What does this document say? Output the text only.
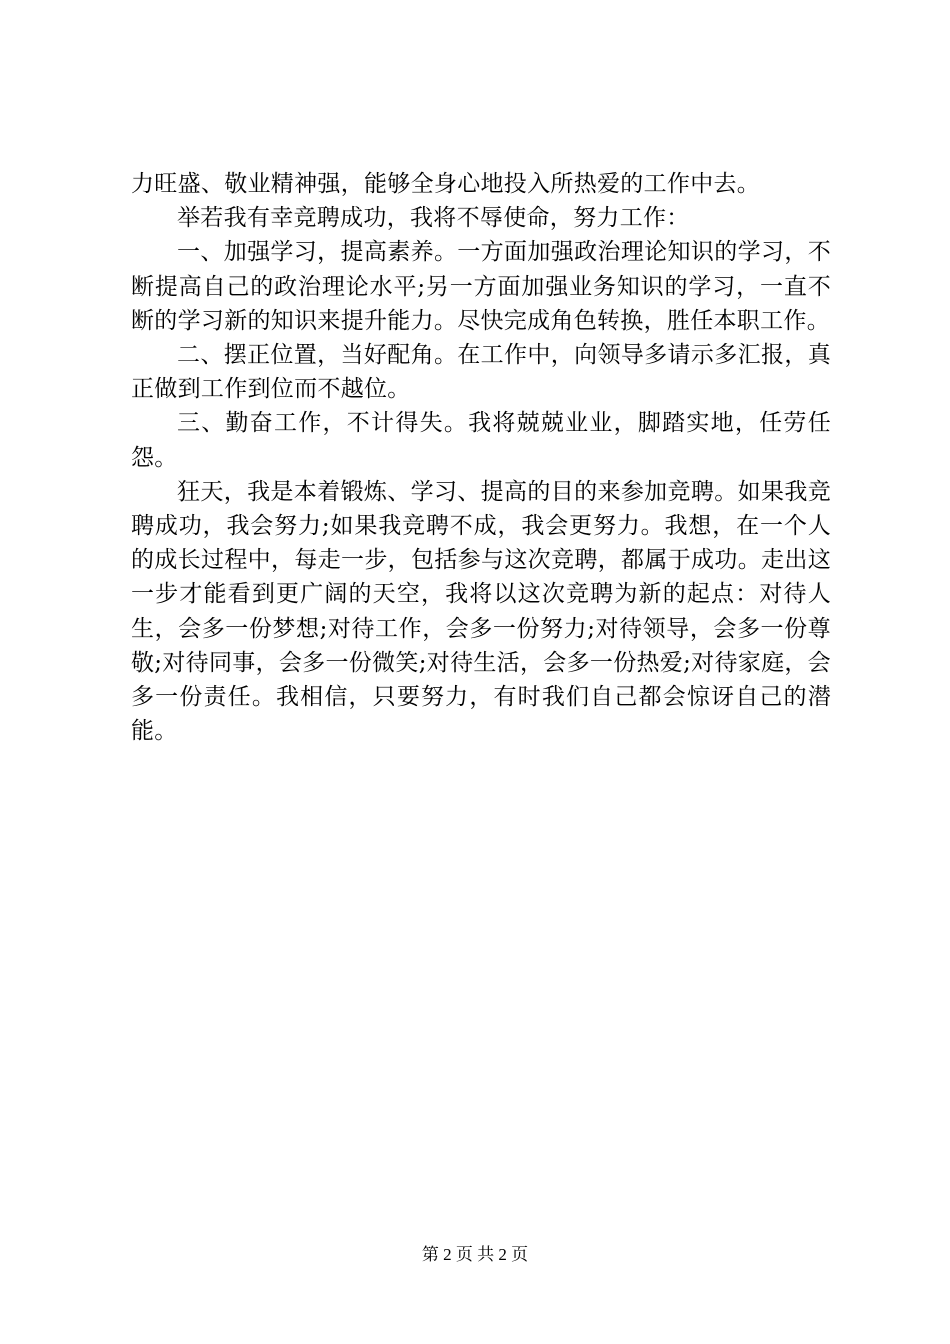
力旺盛、敬业精神强，能够全身心地投入所热爱的工作中去。

举若我有幸竞聘成功，我将不辱使命，努力工作：

一、加强学习，提高素养。一方面加强政治理论知识的学习，不断提高自己的政治理论水平;另一方面加强业务知识的学习，一直不断的学习新的知识来提升能力。尽快完成角色转换，胜任本职工作。

二、摆正位置，当好配角。在工作中，向领导多请示多汇报，真正做到工作到位而不越位。

三、勤奋工作，不计得失。我将兢兢业业，脚踏实地，任劳任怨。

狂天，我是本着锻炼、学习、提高的目的来参加竞聘。如果我竞聘成功，我会努力;如果我竞聘不成，我会更努力。我想，在一个人的成长过程中，每走一步，包括参与这次竞聘，都属于成功。走出这一步才能看到更广阔的天空，我将以这次竞聘为新的起点：对待人生，会多一份梦想;对待工作，会多一份努力;对待领导，会多一份尊敬;对待同事，会多一份微笑;对待生活，会多一份热爱;对待家庭，会多一份责任。我相信，只要努力，有时我们自己都会惊讶自己的潜能。

第 2 页 共 2 页
